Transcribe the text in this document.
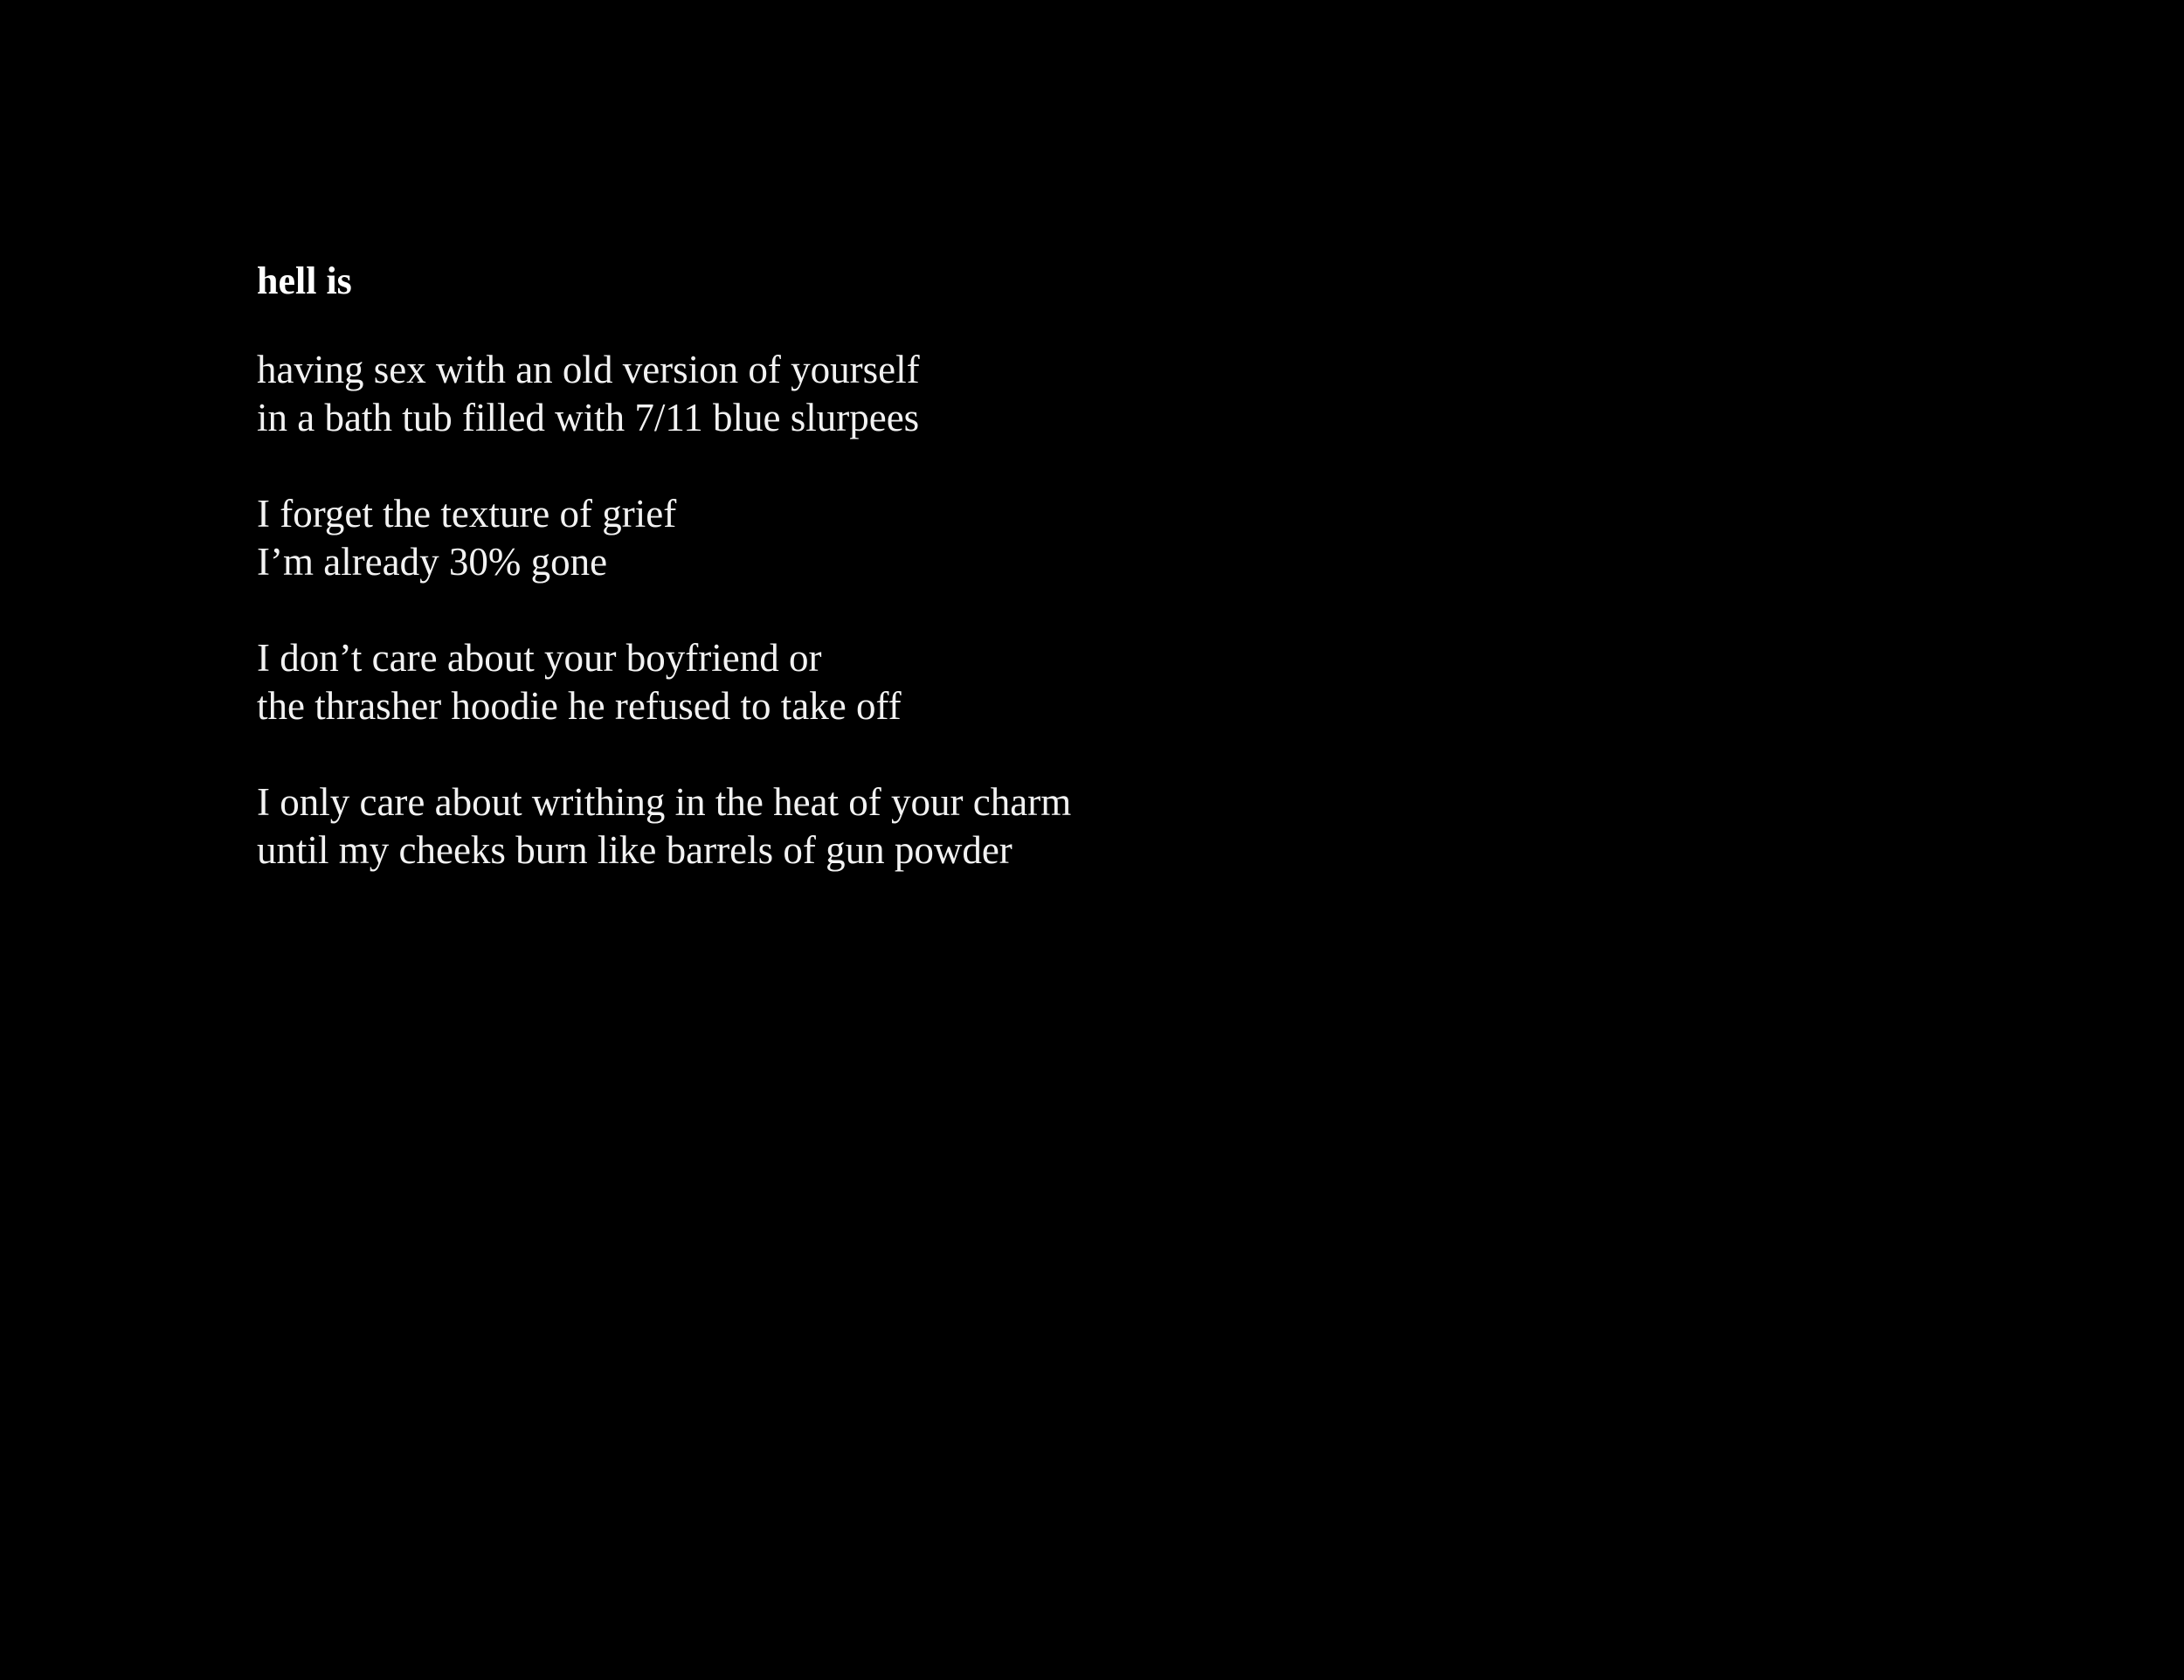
hell is
having sex with an old version of yourself
in a bath tub filled with 7/11 blue slurpees
I forget the texture of grief
I’m already 30% gone
I don’t care about your boyfriend or
the thrasher hoodie he refused to take off
I only care about writhing in the heat of your charm
until my cheeks burn like barrels of gun powder
